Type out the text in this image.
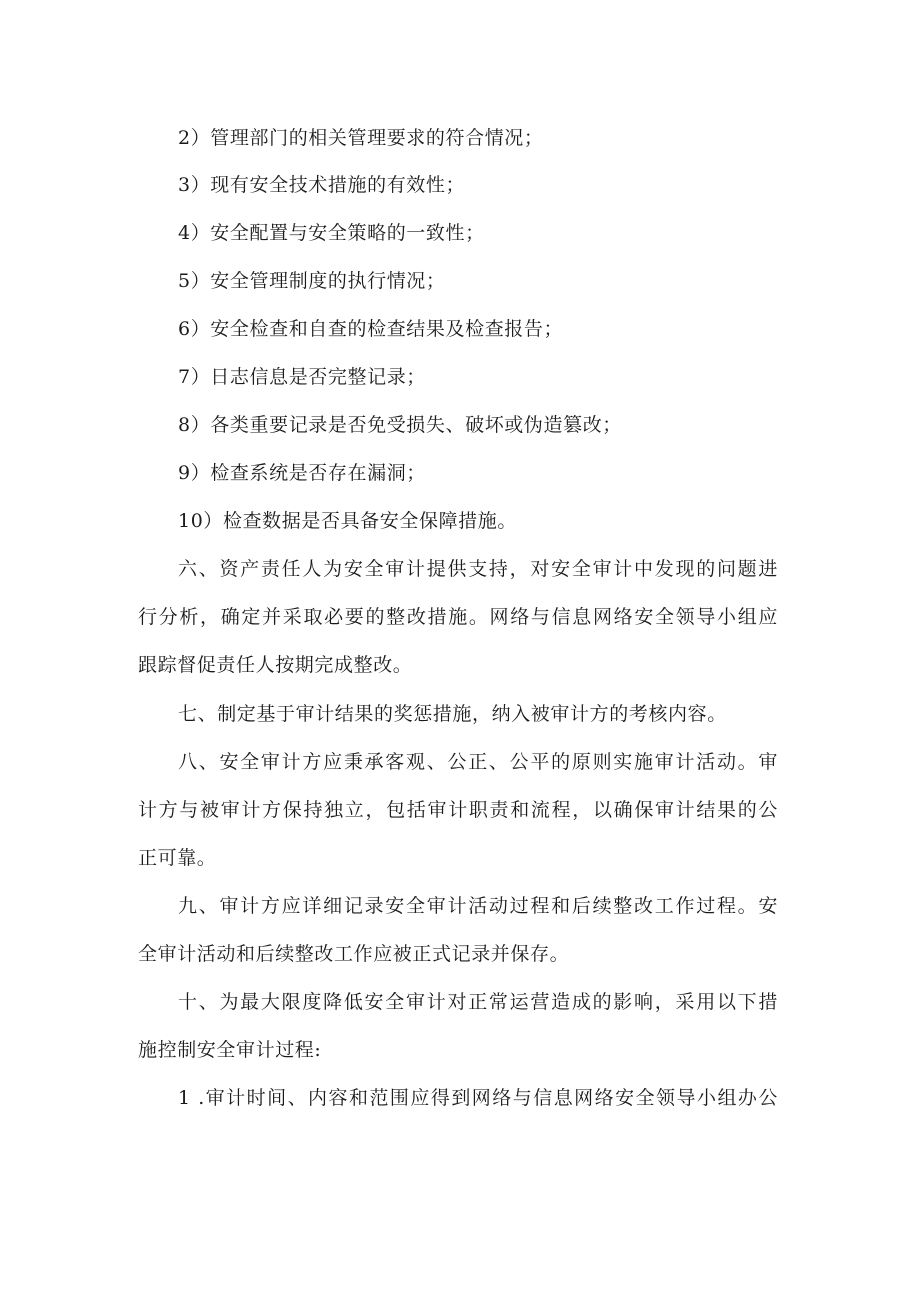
2）管理部门的相关管理要求的符合情况；
3）现有安全技术措施的有效性；
4）安全配置与安全策略的一致性；
5）安全管理制度的执行情况；
6）安全检查和自查的检查结果及检查报告；
7）日志信息是否完整记录；
8）各类重要记录是否免受损失、破坏或伪造篡改；
9）检查系统是否存在漏洞；
10）检查数据是否具备安全保障措施。
六、资产责任人为安全审计提供支持，对安全审计中发现的问题进
行分析，确定并采取必要的整改措施。网络与信息网络安全领导小组应
跟踪督促责任人按期完成整改。
七、制定基于审计结果的奖惩措施，纳入被审计方的考核内容。
八、安全审计方应秉承客观、公正、公平的原则实施审计活动。审
计方与被审计方保持独立，包括审计职责和流程，以确保审计结果的公
正可靠。
九、审计方应详细记录安全审计活动过程和后续整改工作过程。安
全审计活动和后续整改工作应被正式记录并保存。
十、为最大限度降低安全审计对正常运营造成的影响，采用以下措
施控制安全审计过程:
1 .审计时间、内容和范围应得到网络与信息网络安全领导小组办公
